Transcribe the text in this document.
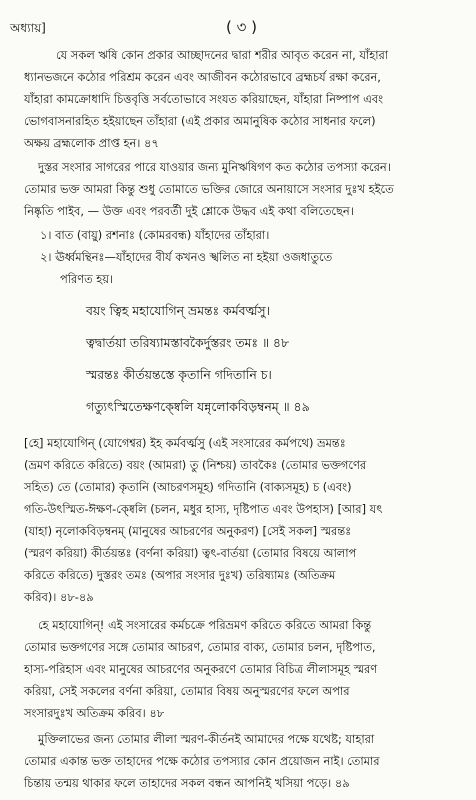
অধ্যায়]	( ৩ )
যে সকল ঋষি কোন প্রকার আচ্ছাদনের দ্বারা শরীর আবৃত করেন না, যাঁহারা
ধ্যানভজনে কঠোর পরিশ্রম করেন এবং আজীবন কঠোরভাবে ব্রহ্মচর্য রক্ষা করেন,
যাঁহারা কামক্রোধাদি চিত্তবৃত্তি সর্বতোভাবে সংযত করিয়াছেন, যাঁহারা নিষ্পাপ এবং
ভোগবাসনারহিত হইয়াছেন তাঁহারা (এই প্রকার অমানুষিক কঠোর সাধনার ফলে)
অক্ষয় ব্রহ্মলোক প্রাপ্ত হন। ৪৭
দুস্তর সংসার সাগরের পারে যাওয়ার জন্য মুনিঋষিগণ কত কঠোর তপস্যা করেন।
তোমার ভক্ত আমরা কিন্তু শুধু তোমাতে ভক্তির জোরে অনায়াসে সংসার দুঃখ হইতে
নিষ্কৃতি পাইব, — উক্ত এবং পরবর্তী দুই শ্লোকে উদ্ধব এই কথা বলিতেছেন।
১। বাত (বায়ু) রশনাঃ (কোমরবন্ধ) যাঁহাদের তাঁহারা।
২। ঊর্ধ্বমন্থিনঃ—যাঁহাদের বীর্য কখনও স্খলিত না হইয়া ওজধাতুতে
পরিণত হয়।
বয়ং ত্বিহ মহাযোগিন্ ভ্রমন্তঃ কর্মবর্ত্মসু।
ত্বদ্বার্তয়া তরিষ্যামস্তাবকৈর্দুস্তরং তমঃ ॥ ৪৮
স্মরন্তঃ কীর্তয়ন্তস্তে কৃতানি গদিতানি চ।
গত্যুৎস্মিতেক্ষণক্ষ্বেলি যন্নৃলোকবিড়ম্বনম্ ॥ ৪৯
[হে] মহাযোগিন্ (যোগেশ্বর) ইহ কর্মবর্ত্মসু (এই সংসারের কর্মপথে) ভ্রমন্তঃ
(ভ্রমণ করিতে করিতে) বয়ং (আমরা) তু (নিশ্চয়) তাবকৈঃ (তোমার ভক্তগণের
সহিত) তে (তোমার) কৃতানি (আচরণসমূহ) গদিতানি (বাক্যসমূহ) চ (এবং)
গতি-উৎস্মিত-ঈক্ষণ-ক্ষ্বেলি (চলন, মধুর হাস্য, দৃষ্টিপাত এবং উপহাস) [আর] যৎ
(যাহা) নৃলোকবিড়ম্বনম্ (মানুষের আচরণের অনুকরণ) [সেই সকল] স্মরন্তঃ
(স্মরণ করিয়া) কীর্তয়ন্তঃ (বর্ণনা করিয়া) ত্বৎ-বার্তয়া (তোমার বিষয়ে আলাপ
করিতে করিতে) দুস্তরং তমঃ (অপার সংসার দুঃখ) তরিষ্যামঃ (অতিক্রম
করিব)। ৪৮-৪৯
হে মহাযোগিন্! এই সংসারের কর্মচক্রে পরিভ্রমণ করিতে করিতে আমরা কিন্তু
তোমার ভক্তগণের সঙ্গে তোমার আচরণ, তোমার বাক্য, তোমার চলন, দৃষ্টিপাত,
হাস্য-পরিহাস এবং মানুষের আচরণের অনুকরণে তোমার বিচিত্র লীলাসমূহ স্মরণ
করিয়া, সেই সকলের বর্ণনা করিয়া, তোমার বিষয় অনুস্মরণের ফলে অপার
সংসারদুঃখ অতিক্রম করিব। ৪৮
মুক্তিলাভের জন্য তোমার লীলা স্মরণ-কীর্তনই আমাদের পক্ষে যথেষ্ট; যাহারা
তোমার একান্ত ভক্ত তাহাদের পক্ষে কঠোর তপস্যার কোন প্রয়োজন নাই। তোমার
চিন্তায় তন্ময় থাকার ফলে তাহাদের সকল বন্ধন আপনিই খসিয়া পড়ে। ৪৯
